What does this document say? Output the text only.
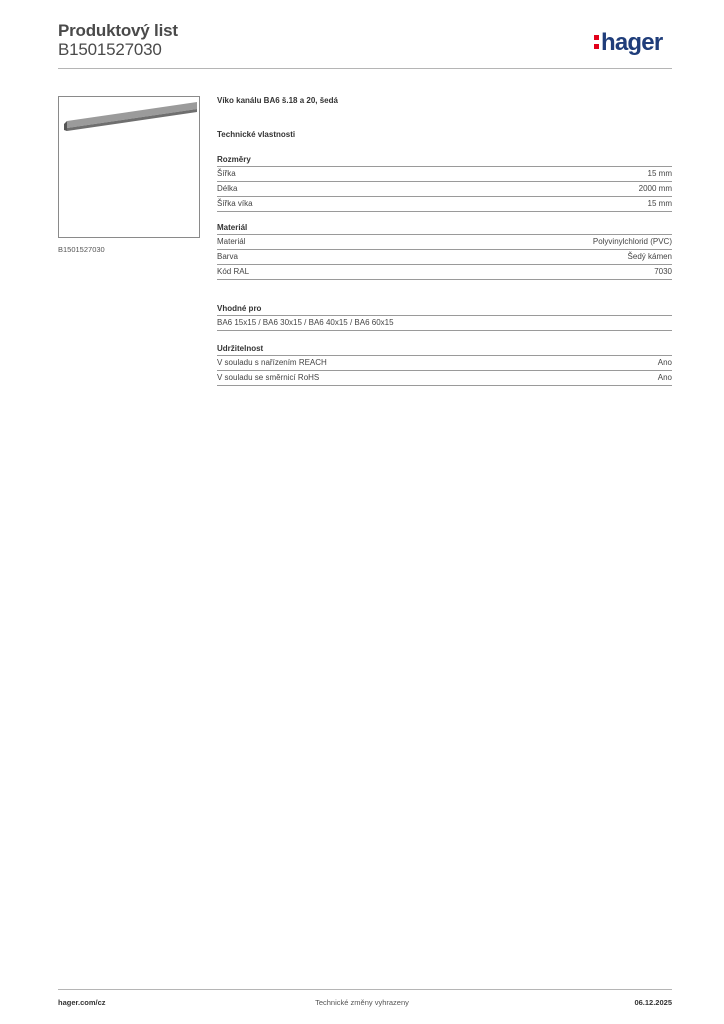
Produktový list
B1501527030	hager
B1501527030
Víko kanálu BA6 š.18 a 20, šedá
Technické vlastnosti
Rozměry
Šířka	15 mm
Délka	2000 mm
Šířka víka	15 mm
Materiál
Materiál	Polyvinylchlorid (PVC)
Barva	Šedý kámen
Kód RAL	7030
Vhodné pro
BA6 15x15 / BA6 30x15 / BA6 40x15 / BA6 60x15
Udržitelnost
V souladu s nařízením REACH	Ano
V souladu se směrnicí RoHS	Ano
hager.com/cz	Technické změny vyhrazeny	06.12.2025
